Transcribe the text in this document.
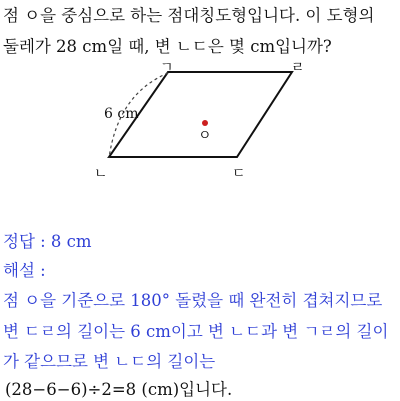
점 ㅇ을 중심으로 하는 점대칭도형입니다. 이 도형의
둘레가 28 cm일 때, 변 ㄴㄷ은 몇 cm입니까?
ㅇ
ㄱ	ㄹ
ㄴ	ㄷ
6 cm
정답 : 8 cm
해설 :
점 ㅇ을 기준으로 180° 돌렸을 때 완전히 겹쳐지므로
변 ㄷㄹ의 길이는 6 cm이고 변 ㄴㄷ과 변 ㄱㄹ의 길이
가 같으므로 변 ㄴㄷ의 길이는
(28−6−6)÷2=8 (cm)입니다.
